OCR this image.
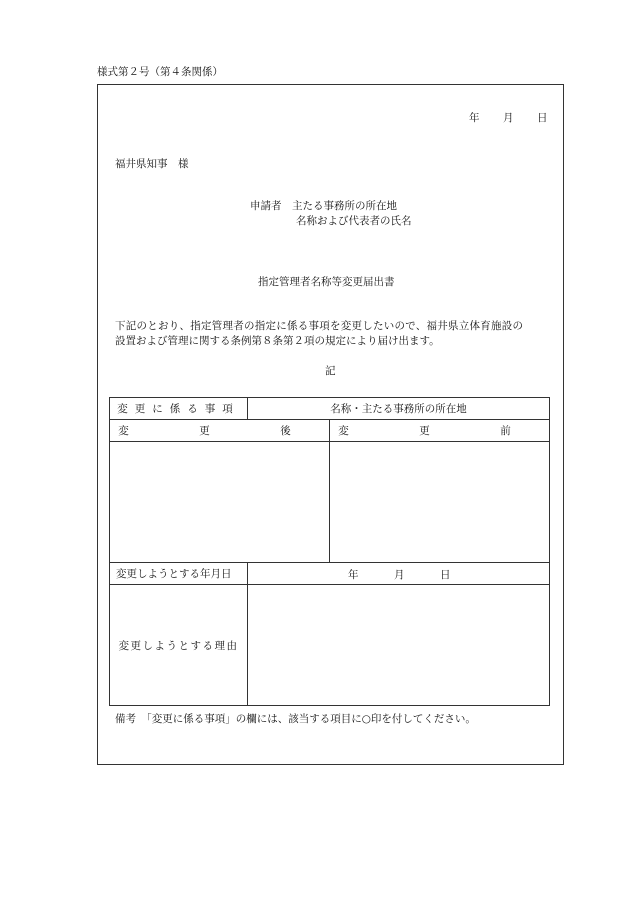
様式第２号（第４条関係）
年 月 日
福井県知事　様
申請者　主たる事務所の所在地
名称および代表者の氏名
指定管理者名称等変更届出書
下記のとおり、指定管理者の指定に係る事項を変更したいので、福井県立体育施設の
設置および管理に関する条例第８条第２項の規定により届け出ます。
記
変更に係る事項	名称・主たる事務所の所在地	
変　更　後		変　更　前

変更しようとする年月日	年 月 日	

変更しようとする理由		
備考　「変更に係る事項」の欄には、該当する項目に○印を付してください。
